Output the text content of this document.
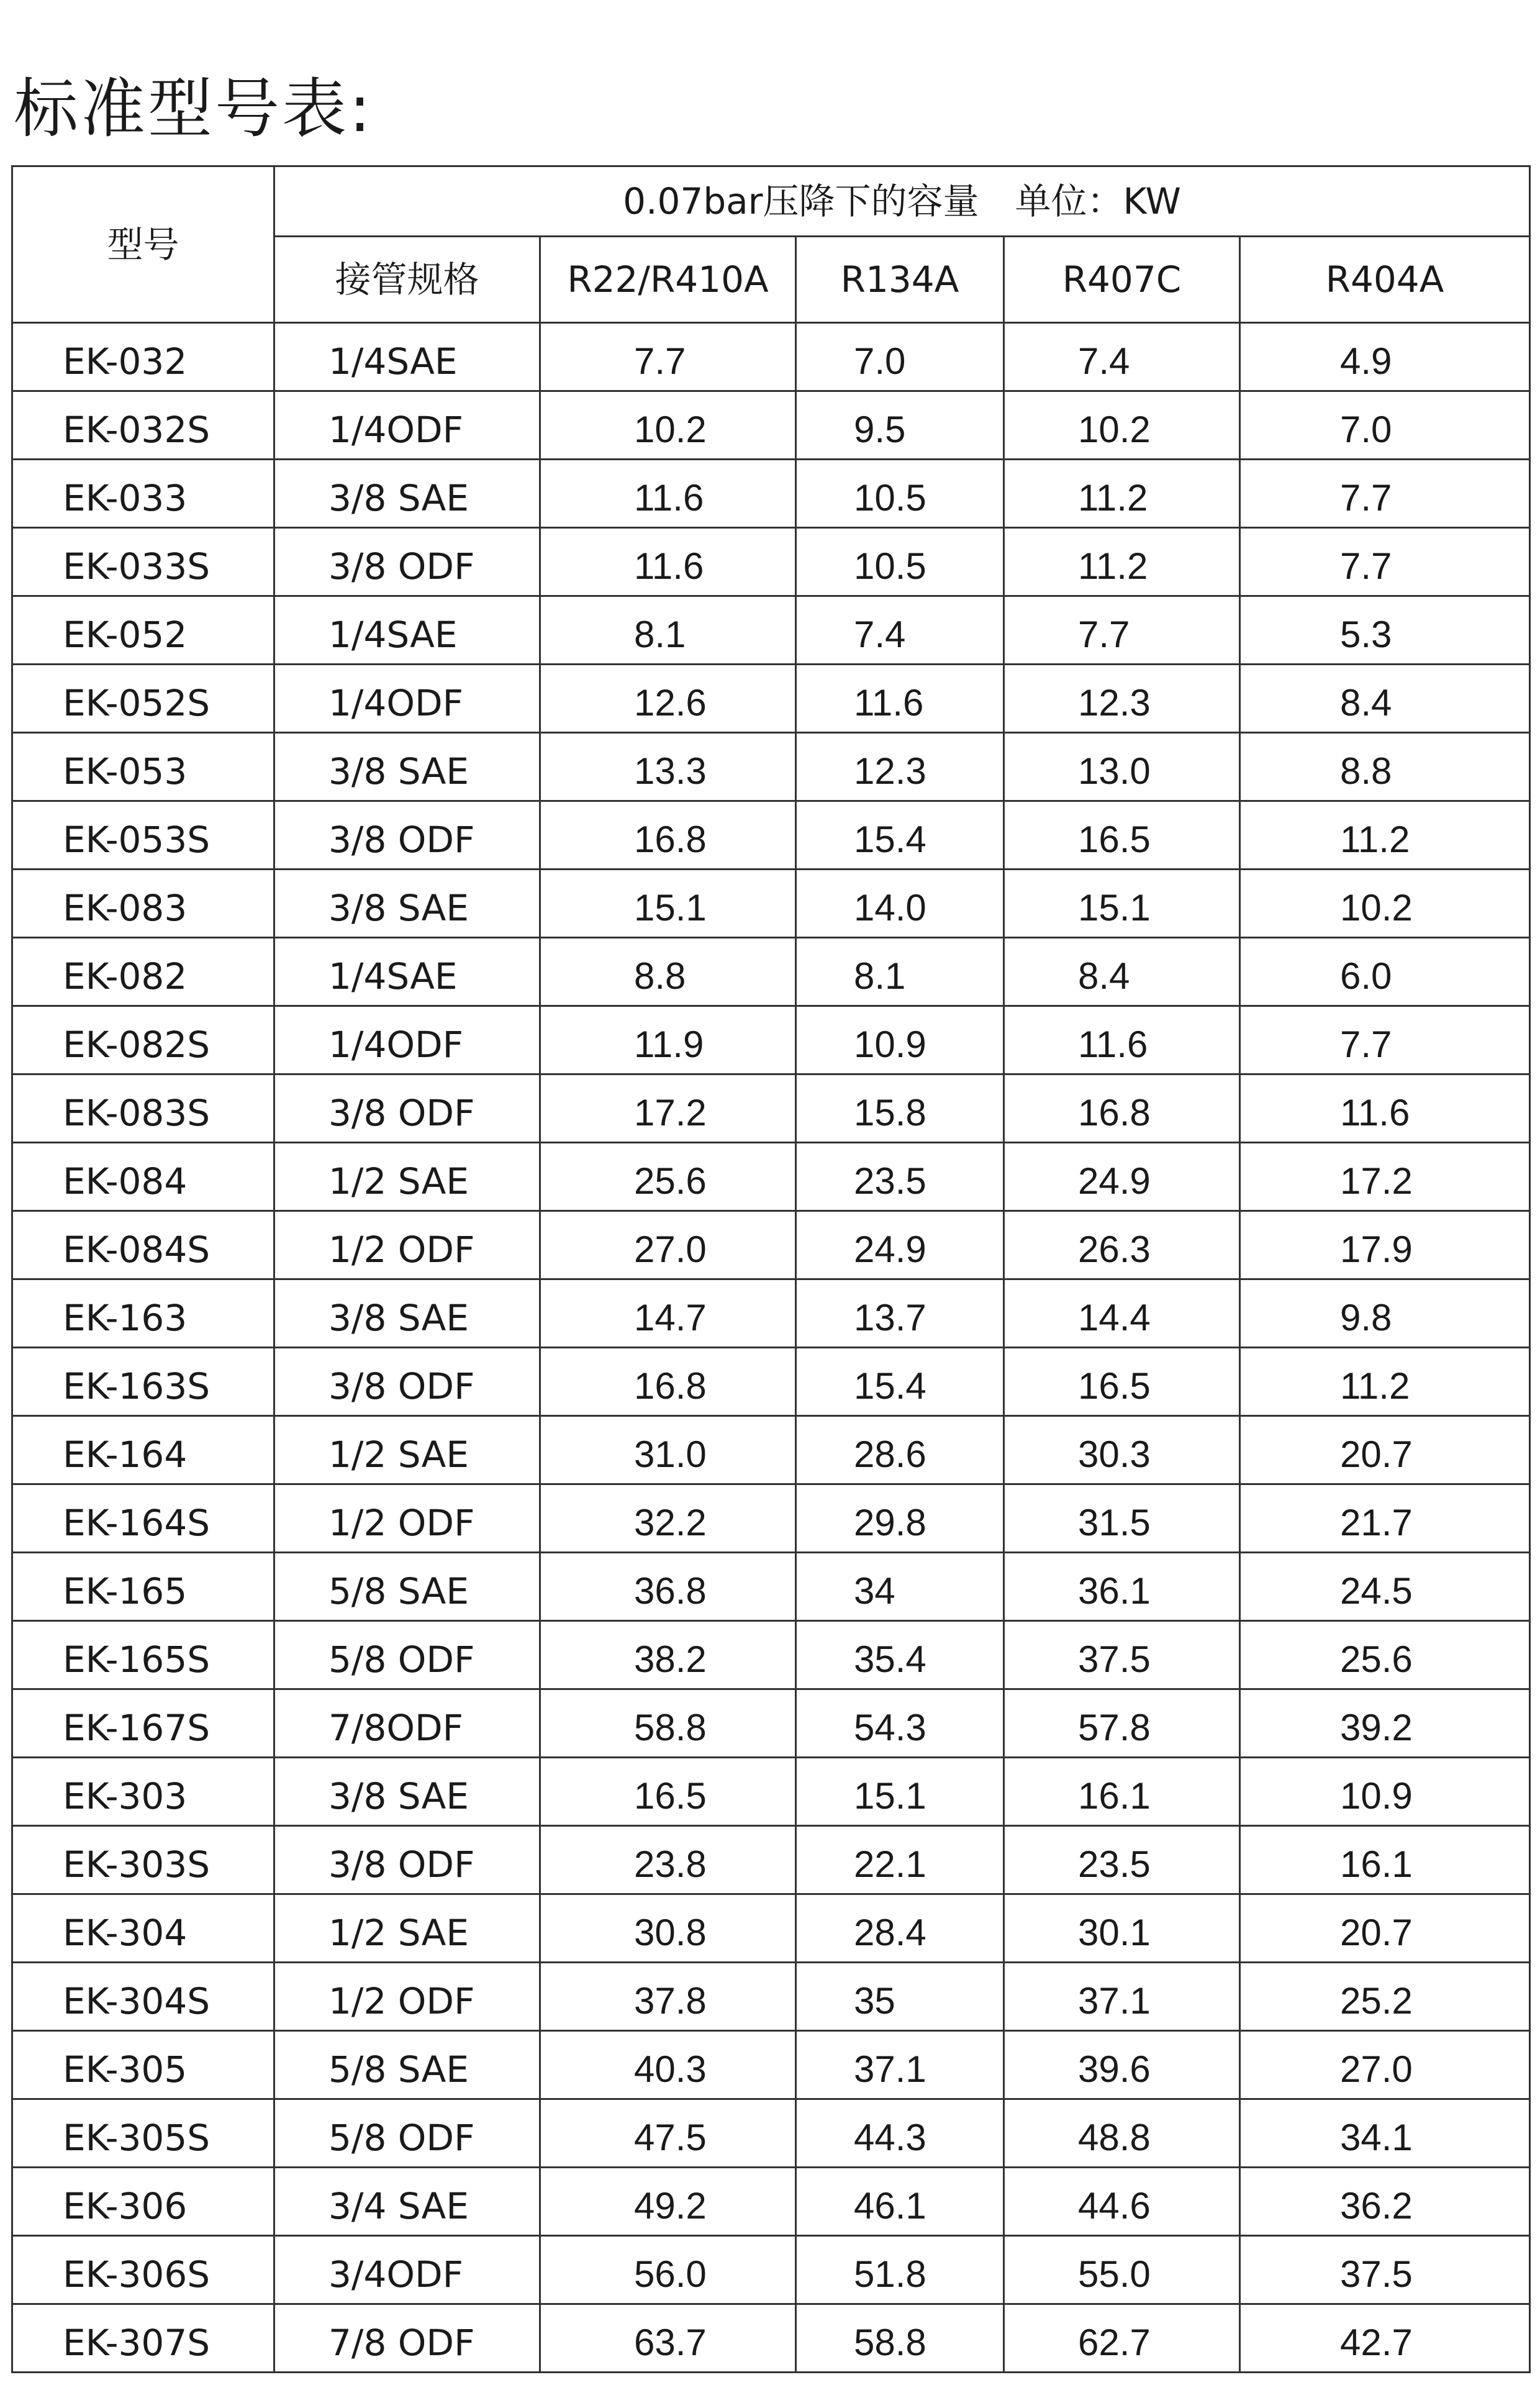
标准型号表:
型号	0.07bar压降下的容量　单位：KW				
	接管规格	R22/R410A	R134A	R407C	R404A
EK-032	1/4SAE	7.7	7.0	7.4	4.9
EK-032S	1/4ODF	10.2	9.5	10.2	7.0
EK-033	3/8 SAE	11.6	10.5	11.2	7.7
EK-033S	3/8 ODF	11.6	10.5	11.2	7.7
EK-052	1/4SAE	8.1	7.4	7.7	5.3
EK-052S	1/4ODF	12.6	11.6	12.3	8.4
EK-053	3/8 SAE	13.3	12.3	13.0	8.8
EK-053S	3/8 ODF	16.8	15.4	16.5	11.2
EK-083	3/8 SAE	15.1	14.0	15.1	10.2
EK-082	1/4SAE	8.8	8.1	8.4	6.0
EK-082S	1/4ODF	11.9	10.9	11.6	7.7
EK-083S	3/8 ODF	17.2	15.8	16.8	11.6
EK-084	1/2 SAE	25.6	23.5	24.9	17.2
EK-084S	1/2 ODF	27.0	24.9	26.3	17.9
EK-163	3/8 SAE	14.7	13.7	14.4	9.8
EK-163S	3/8 ODF	16.8	15.4	16.5	11.2
EK-164	1/2 SAE	31.0	28.6	30.3	20.7
EK-164S	1/2 ODF	32.2	29.8	31.5	21.7
EK-165	5/8 SAE	36.8	34	36.1	24.5
EK-165S	5/8 ODF	38.2	35.4	37.5	25.6
EK-167S	7/8ODF	58.8	54.3	57.8	39.2
EK-303	3/8 SAE	16.5	15.1	16.1	10.9
EK-303S	3/8 ODF	23.8	22.1	23.5	16.1
EK-304	1/2 SAE	30.8	28.4	30.1	20.7
EK-304S	1/2 ODF	37.8	35	37.1	25.2
EK-305	5/8 SAE	40.3	37.1	39.6	27.0
EK-305S	5/8 ODF	47.5	44.3	48.8	34.1
EK-306	3/4 SAE	49.2	46.1	44.6	36.2
EK-306S	3/4ODF	56.0	51.8	55.0	37.5
EK-307S	7/8 ODF	63.7	58.8	62.7	42.7
